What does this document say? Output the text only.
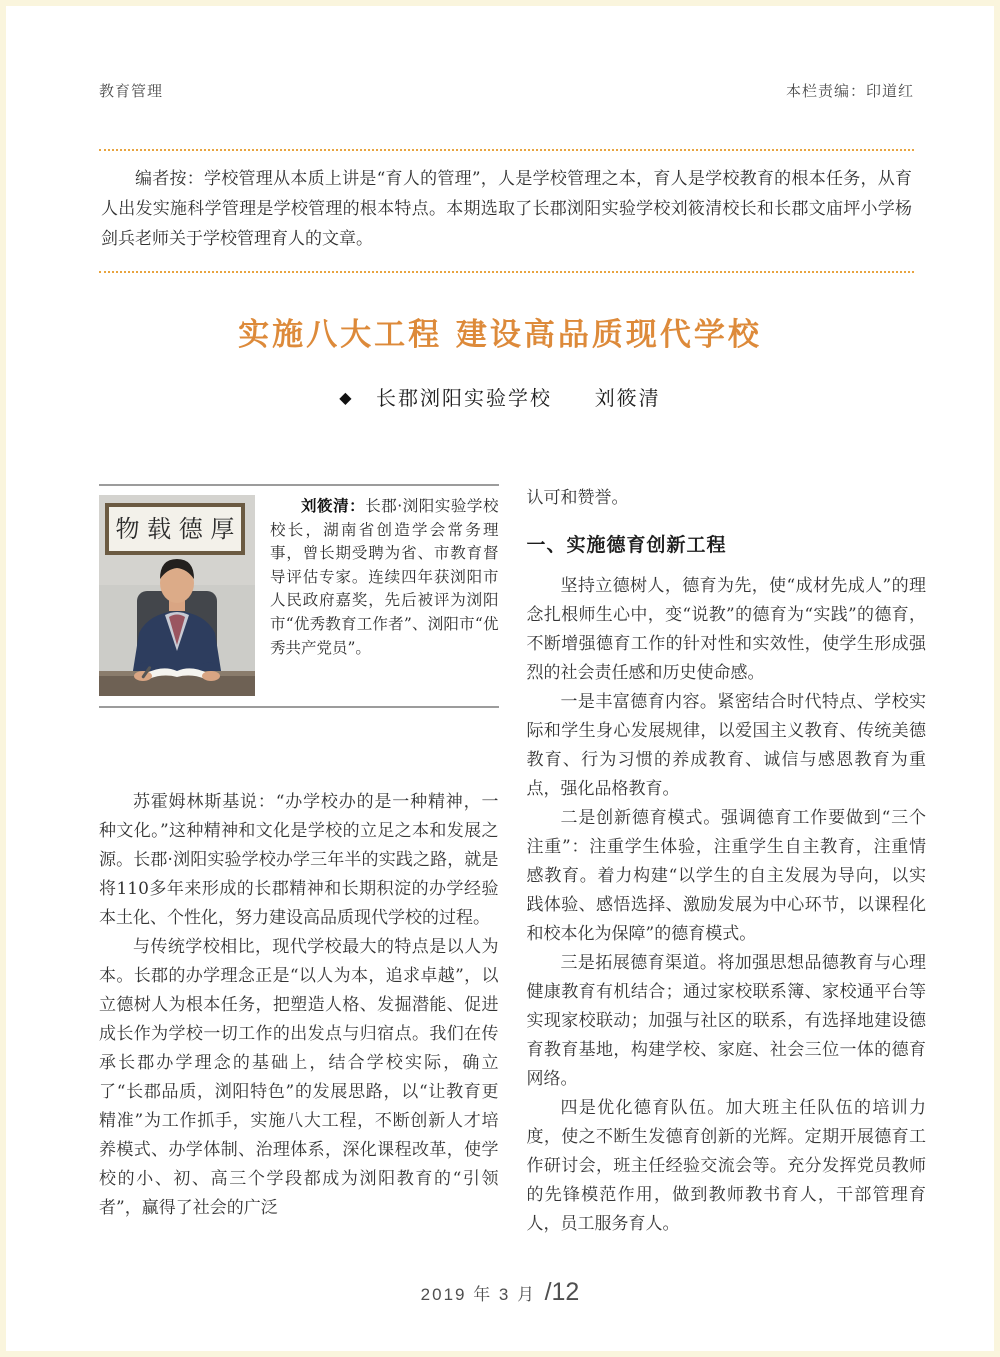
教育管理	本栏责编：印道红

编者按：学校管理从本质上讲是“育人的管理”，人是学校管理之本，育人是学校教育的根本任务，从育人出发实施科学管理是学校管理的根本特点。本期选取了长郡浏阳实验学校刘筱清校长和长郡文庙坪小学杨剑兵老师关于学校管理育人的文章。

实施八大工程 建设高品质现代学校
◆ 长郡浏阳实验学校 刘筱清
物 载 德 厚

刘筱清：长郡·浏阳实验学校校长，湖南省创造学会常务理事，曾长期受聘为省、市教育督导评估专家。连续四年获浏阳市人民政府嘉奖，先后被评为浏阳市“优秀教育工作者”、浏阳市“优秀共产党员”。

苏霍姆林斯基说：“办学校办的是一种精神，一种文化。”这种精神和文化是学校的立足之本和发展之源。长郡·浏阳实验学校办学三年半的实践之路，就是将110多年来形成的长郡精神和长期积淀的办学经验本土化、个性化，努力建设高品质现代学校的过程。

与传统学校相比，现代学校最大的特点是以人为本。长郡的办学理念正是“以人为本，追求卓越”，以立德树人为根本任务，把塑造人格、发掘潜能、促进成长作为学校一切工作的出发点与归宿点。我们在传承长郡办学理念的基础上，结合学校实际，确立了“长郡品质，浏阳特色”的发展思路，以“让教育更精准”为工作抓手，实施八大工程，不断创新人才培养模式、办学体制、治理体系，深化课程改革，使学校的小、初、高三个学段都成为浏阳教育的“引领者”，赢得了社会的广泛

认可和赞誉。

一、实施德育创新工程

坚持立德树人，德育为先，使“成材先成人”的理念扎根师生心中，变“说教”的德育为“实践”的德育，不断增强德育工作的针对性和实效性，使学生形成强烈的社会责任感和历史使命感。

一是丰富德育内容。紧密结合时代特点、学校实际和学生身心发展规律，以爱国主义教育、传统美德教育、行为习惯的养成教育、诚信与感恩教育为重点，强化品格教育。

二是创新德育模式。强调德育工作要做到“三个注重”：注重学生体验，注重学生自主教育，注重情感教育。着力构建“以学生的自主发展为导向，以实践体验、感悟选择、激励发展为中心环节，以课程化和校本化为保障”的德育模式。

三是拓展德育渠道。将加强思想品德教育与心理健康教育有机结合；通过家校联系簿、家校通平台等实现家校联动；加强与社区的联系，有选择地建设德育教育基地，构建学校、家庭、社会三位一体的德育网络。

四是优化德育队伍。加大班主任队伍的培训力度，使之不断生发德育创新的光辉。定期开展德育工作研讨会，班主任经验交流会等。充分发挥党员教师的先锋模范作用，做到教师教书育人，干部管理育人，员工服务育人。

2019 年 3 月 /12
